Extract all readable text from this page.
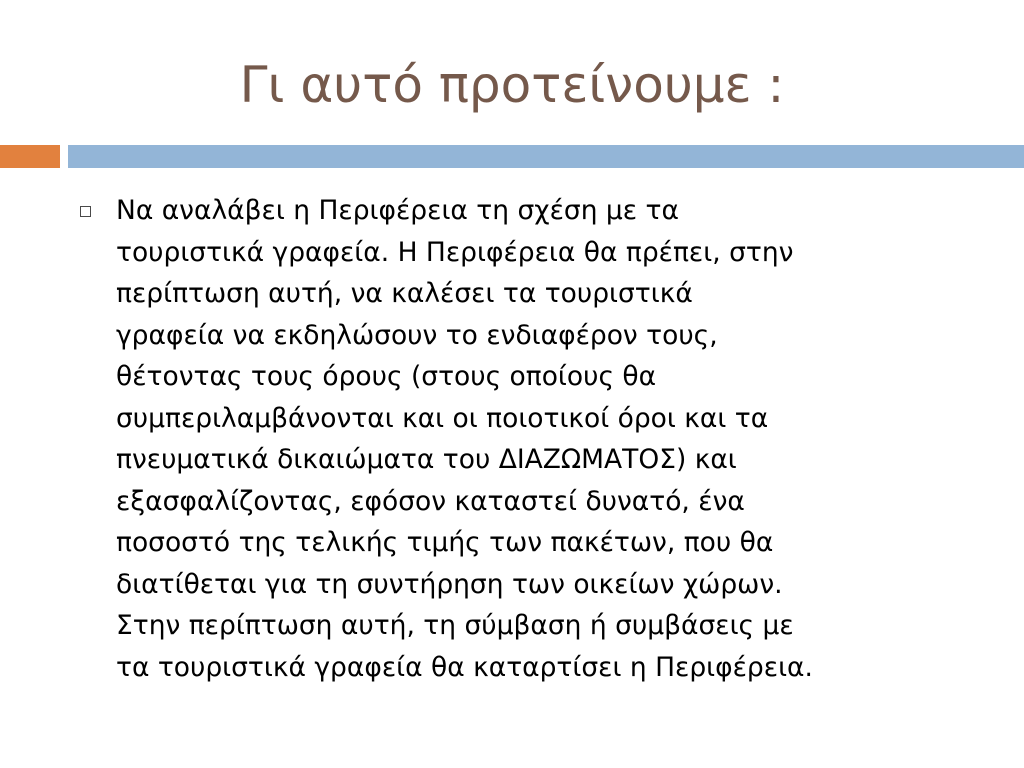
Γι αυτό προτείνουμε :
Να αναλάβει η Περιφέρεια τη σχέση με τα
τουριστικά γραφεία. Η Περιφέρεια θα πρέπει, στην
περίπτωση αυτή, να καλέσει τα τουριστικά
γραφεία να εκδηλώσουν το ενδιαφέρον τους,
θέτοντας τους όρους (στους οποίους θα
συμπεριλαμβάνονται και οι ποιοτικοί όροι και τα
πνευματικά δικαιώματα του ΔΙΑΖΩΜΑΤΟΣ) και
εξασφαλίζοντας, εφόσον καταστεί δυνατό, ένα
ποσοστό της τελικής τιμής των πακέτων, που θα
διατίθεται για τη συντήρηση των οικείων χώρων.
Στην περίπτωση αυτή, τη σύμβαση ή συμβάσεις με
τα τουριστικά γραφεία θα καταρτίσει η Περιφέρεια.
